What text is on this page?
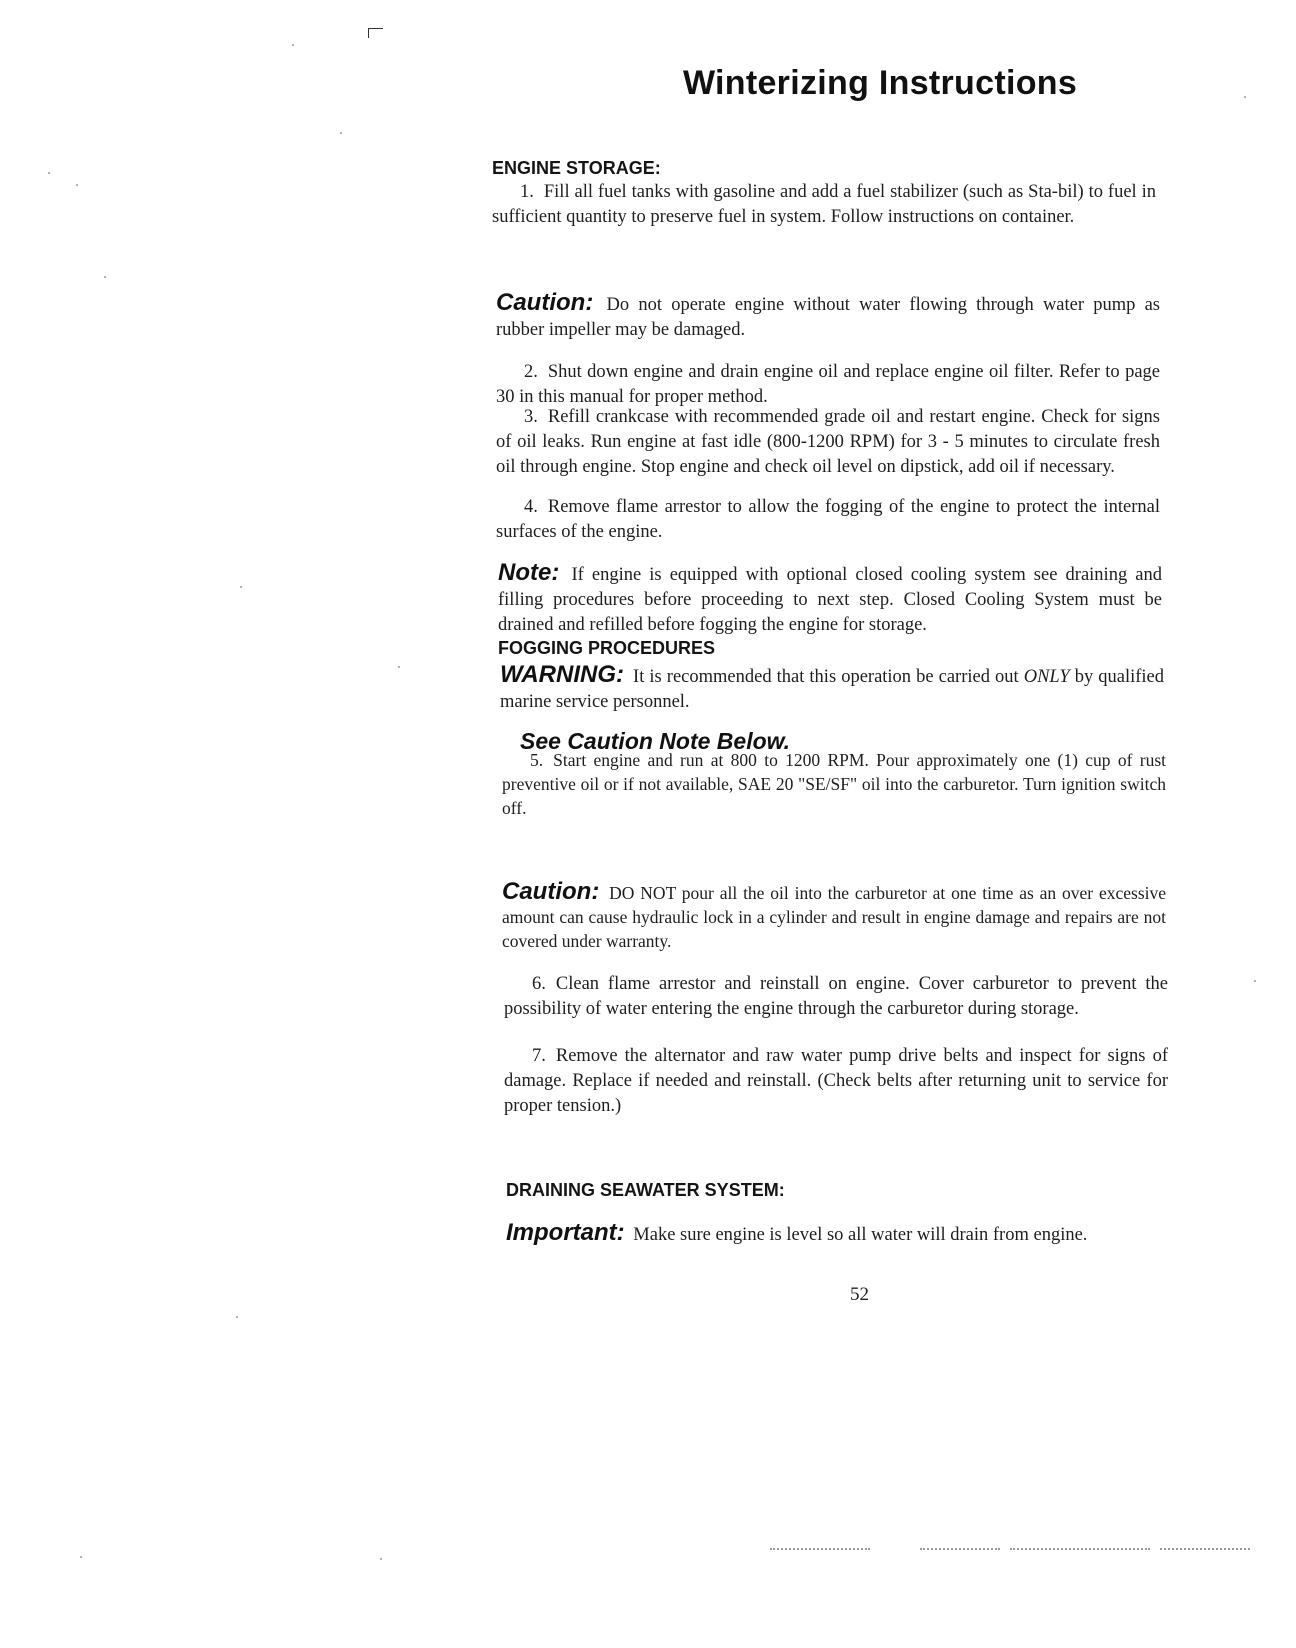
Winterizing Instructions
ENGINE STORAGE:

1. Fill all fuel tanks with gasoline and add a fuel stabilizer (such as Sta-bil) to fuel in sufficient quantity to preserve fuel in system. Follow instructions on container.

Caution: Do not operate engine without water flowing through water pump as rubber impeller may be damaged.

2. Shut down engine and drain engine oil and replace engine oil filter. Refer to page 30 in this manual for proper method.

3. Refill crankcase with recommended grade oil and restart engine. Check for signs of oil leaks. Run engine at fast idle (800-1200 RPM) for 3 - 5 minutes to circulate fresh oil through engine. Stop engine and check oil level on dipstick, add oil if necessary.

4. Remove flame arrestor to allow the fogging of the engine to protect the internal surfaces of the engine.

Note: If engine is equipped with optional closed cooling system see draining and filling procedures before proceeding to next step. Closed Cooling System must be drained and refilled before fogging the engine for storage.

FOGGING PROCEDURES

WARNING: It is recommended that this operation be carried out ONLY by qualified marine service personnel.

See Caution Note Below.

5. Start engine and run at 800 to 1200 RPM. Pour approximately one (1) cup of rust preventive oil or if not available, SAE 20 "SE/SF" oil into the carburetor. Turn ignition switch off.

Caution: DO NOT pour all the oil into the carburetor at one time as an over excessive amount can cause hydraulic lock in a cylinder and result in engine damage and repairs are not covered under warranty.

6. Clean flame arrestor and reinstall on engine. Cover carburetor to prevent the possibility of water entering the engine through the carburetor during storage.

7. Remove the alternator and raw water pump drive belts and inspect for signs of damage. Replace if needed and reinstall. (Check belts after returning unit to service for proper tension.)

DRAINING SEAWATER SYSTEM:

Important: Make sure engine is level so all water will drain from engine.

52
